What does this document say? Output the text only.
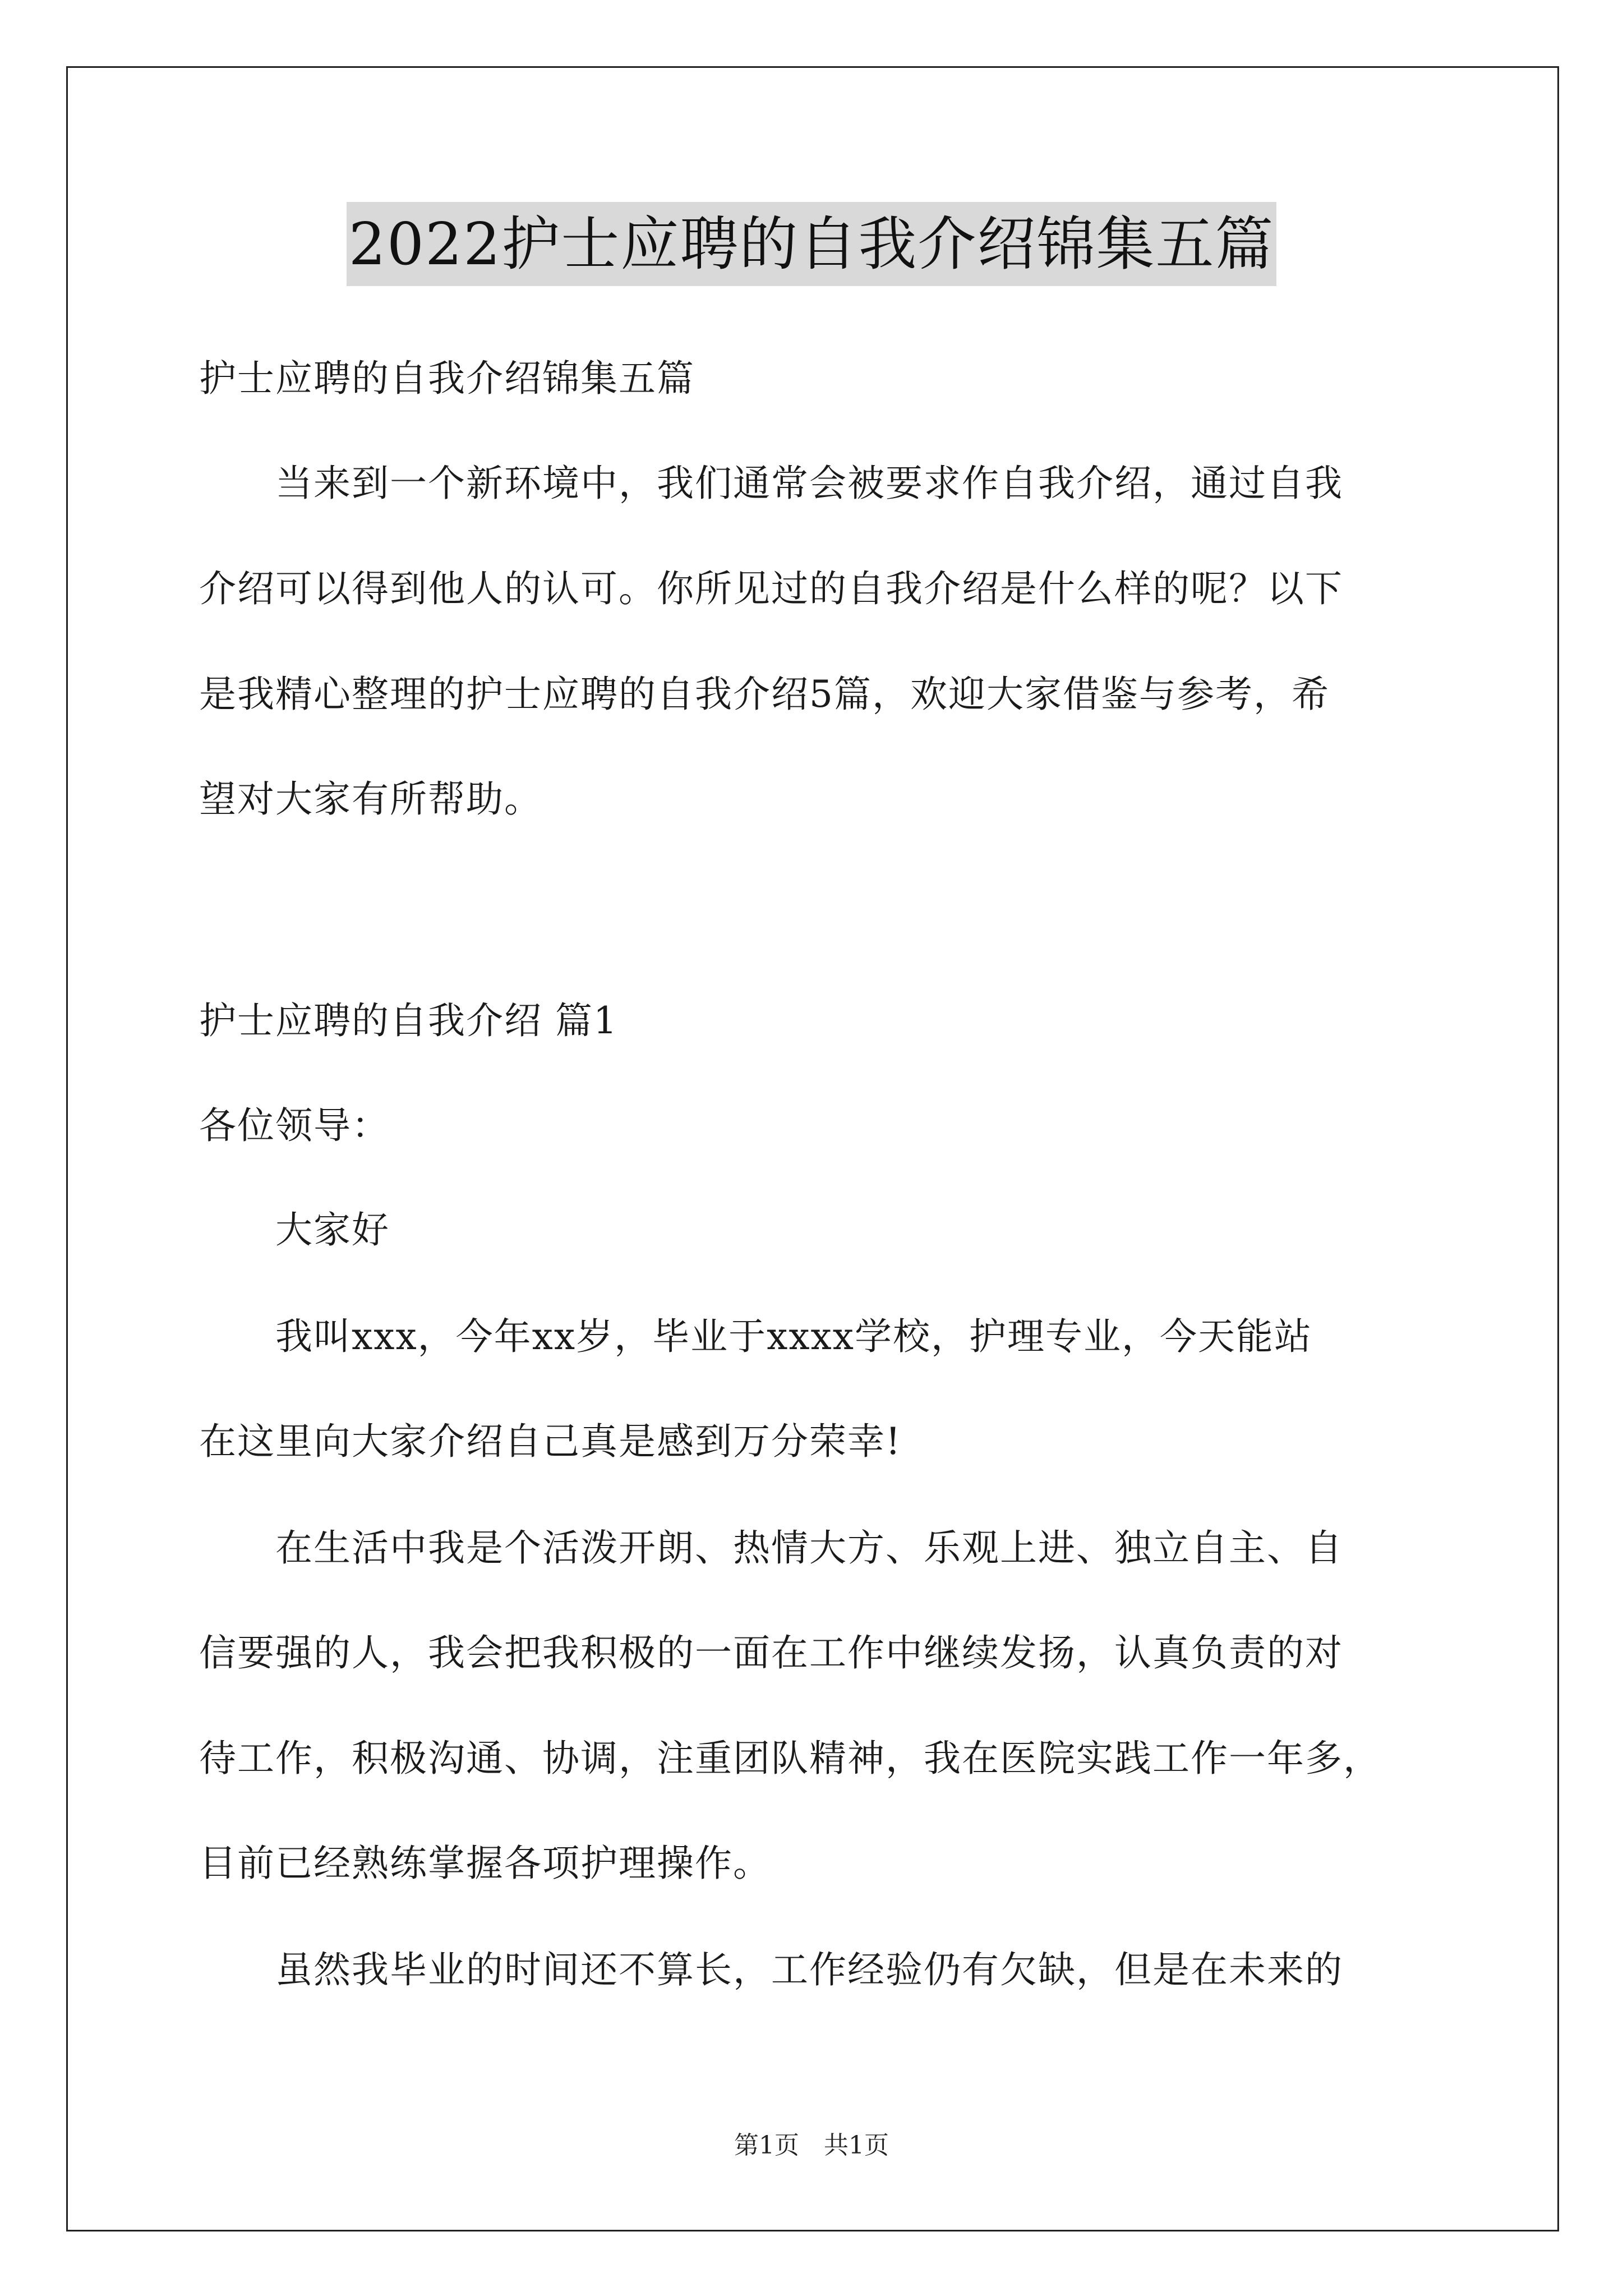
2022护士应聘的自我介绍锦集五篇
护士应聘的自我介绍锦集五篇
　　当来到一个新环境中，我们通常会被要求作自我介绍，通过自我
介绍可以得到他人的认可。你所见过的自我介绍是什么样的呢？以下
是我精心整理的护士应聘的自我介绍5篇，欢迎大家借鉴与参考，希
望对大家有所帮助。
护士应聘的自我介绍 篇1
各位领导：
　　大家好
　　我叫xxx，今年xx岁，毕业于xxxx学校，护理专业，今天能站
在这里向大家介绍自己真是感到万分荣幸!
　　在生活中我是个活泼开朗、热情大方、乐观上进、独立自主、自
信要强的人，我会把我积极的一面在工作中继续发扬，认真负责的对
待工作，积极沟通、协调，注重团队精神，我在医院实践工作一年多，
目前已经熟练掌握各项护理操作。
　　虽然我毕业的时间还不算长，工作经验仍有欠缺，但是在未来的
第1页　共1页
